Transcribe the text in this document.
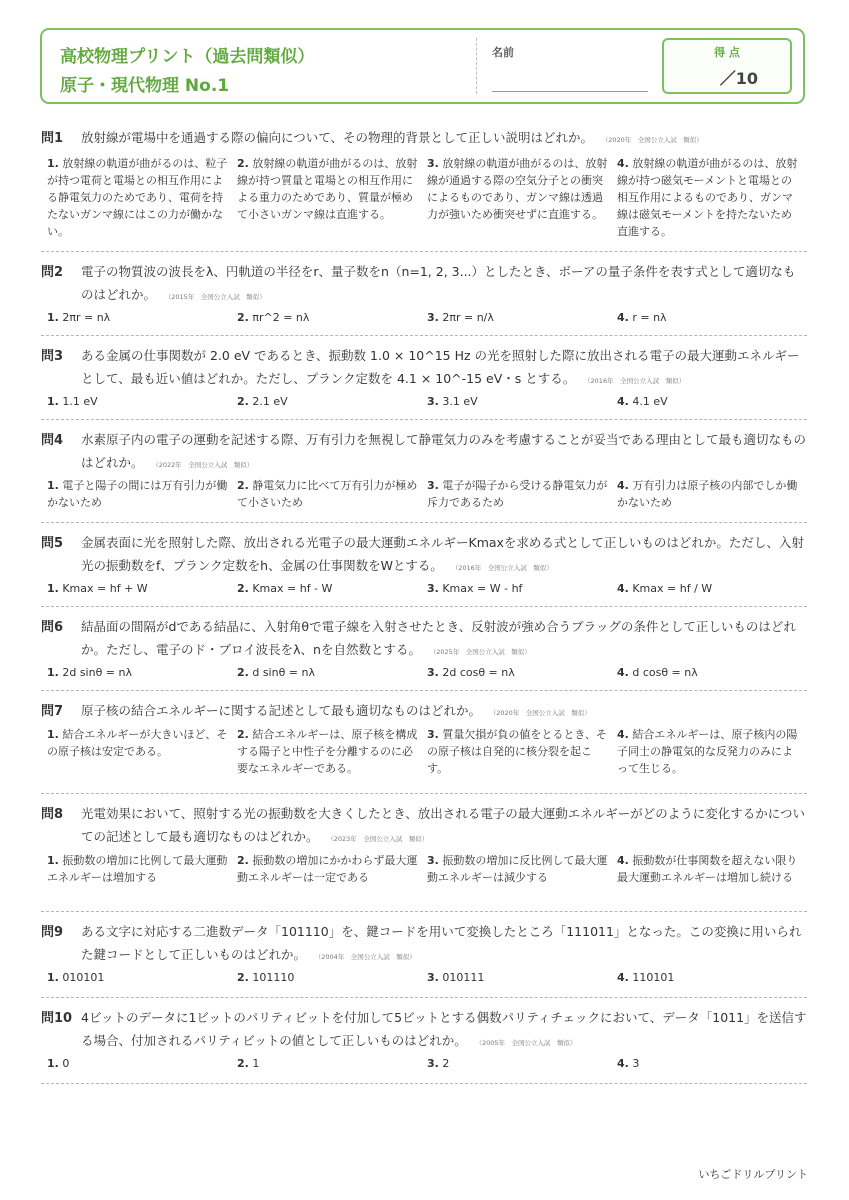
高校物理プリント（過去問類似）
原子・現代物理 No.1
名前	得 点
／10
問1 放射線が電場中を通過する際の偏向について、その物理的背景として正しい説明はどれか。 （2020年　全国公立入試　類似）
1. 放射線の軌道が曲がるのは、粒子が持つ電荷と電場との相互作用による静電気力のためであり、電荷を持たないガンマ線にはこの力が働かない。
2. 放射線の軌道が曲がるのは、放射線が持つ質量と電場との相互作用による重力のためであり、質量が極めて小さいガンマ線は直進する。
3. 放射線の軌道が曲がるのは、放射線が通過する際の空気分子との衝突によるものであり、ガンマ線は透過力が強いため衝突せずに直進する。
4. 放射線の軌道が曲がるのは、放射線が持つ磁気モーメントと電場との相互作用によるものであり、ガンマ線は磁気モーメントを持たないため直進する。
問2 電子の物質波の波長をλ、円軌道の半径をr、量子数をn（n=1, 2, 3...）としたとき、ボーアの量子条件を表す式として適切なものはどれか。 （2015年　全国公立入試　類似）
1. 2πr = nλ	2. πr^2 = nλ	3. 2πr = n/λ	4. r = nλ
問3 ある金属の仕事関数が 2.0 eV であるとき、振動数 1.0 × 10^15 Hz の光を照射した際に放出される電子の最大運動エネルギーとして、最も近い値はどれか。ただし、プランク定数を 4.1 × 10^-15 eV・s とする。 （2016年　全国公立入試　類似）
1. 1.1 eV	2. 2.1 eV	3. 3.1 eV	4. 4.1 eV
問4 水素原子内の電子の運動を記述する際、万有引力を無視して静電気力のみを考慮することが妥当である理由として最も適切なものはどれか。 （2022年　全国公立入試　類似）
1. 電子と陽子の間には万有引力が働かないため
2. 静電気力に比べて万有引力が極めて小さいため
3. 電子が陽子から受ける静電気力が斥力であるため
4. 万有引力は原子核の内部でしか働かないため
問5 金属表面に光を照射した際、放出される光電子の最大運動エネルギーKmaxを求める式として正しいものはどれか。ただし、入射光の振動数をf、プランク定数をh、金属の仕事関数をWとする。 （2016年　全国公立入試　類似）
1. Kmax = hf + W	2. Kmax = hf - W	3. Kmax = W - hf	4. Kmax = hf / W
問6 結晶面の間隔がdである結晶に、入射角θで電子線を入射させたとき、反射波が強め合うブラッグの条件として正しいものはどれか。ただし、電子のド・ブロイ波長をλ、nを自然数とする。 （2025年　全国公立入試　類似）
1. 2d sinθ = nλ	2. d sinθ = nλ	3. 2d cosθ = nλ	4. d cosθ = nλ
問7 原子核の結合エネルギーに関する記述として最も適切なものはどれか。 （2020年　全国公立入試　類似）
1. 結合エネルギーが大きいほど、その原子核は安定である。
2. 結合エネルギーは、原子核を構成する陽子と中性子を分離するのに必要なエネルギーである。
3. 質量欠損が負の値をとるとき、その原子核は自発的に核分裂を起こす。
4. 結合エネルギーは、原子核内の陽子同士の静電気的な反発力のみによって生じる。
問8 光電効果において、照射する光の振動数を大きくしたとき、放出される電子の最大運動エネルギーがどのように変化するかについての記述として最も適切なものはどれか。 （2023年　全国公立入試　類似）
1. 振動数の増加に比例して最大運動エネルギーは増加する
2. 振動数の増加にかかわらず最大運動エネルギーは一定である
3. 振動数の増加に反比例して最大運動エネルギーは減少する
4. 振動数が仕事関数を超えない限り最大運動エネルギーは増加し続ける
問9 ある文字に対応する二進数データ「101110」を、鍵コードを用いて変換したところ「111011」となった。この変換に用いられた鍵コードとして正しいものはどれか。 （2004年　全国公立入試　類似）
1. 010101	2. 101110	3. 010111	4. 110101
問10 4ビットのデータに1ビットのパリティビットを付加して5ビットとする偶数パリティチェックにおいて、データ「1011」を送信する場合、付加されるパリティビットの値として正しいものはどれか。 （2005年　全国公立入試　類似）
1. 0	2. 1	3. 2	4. 3
いちごドリルプリント
